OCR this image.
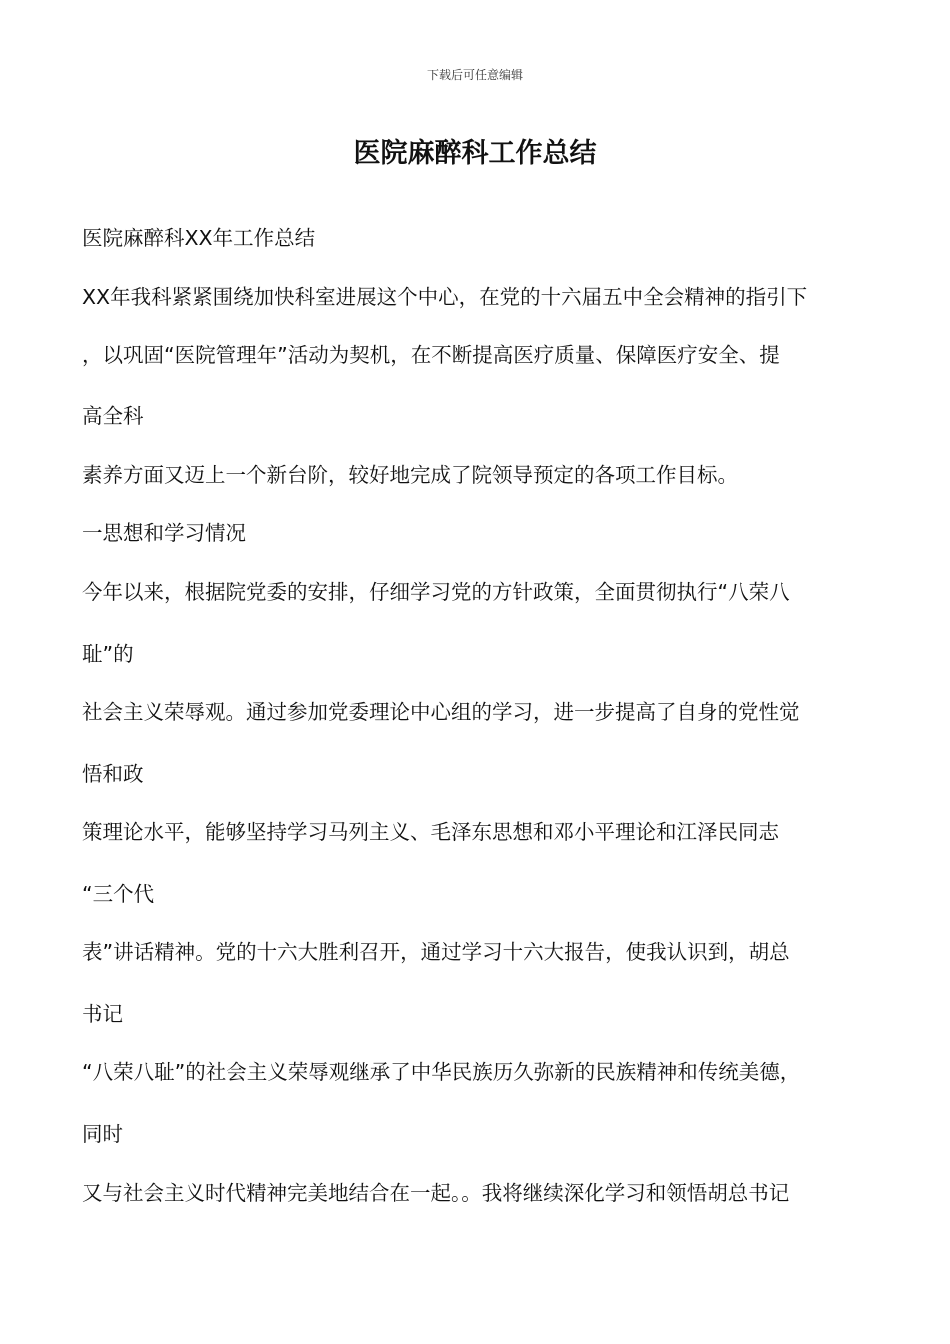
下载后可任意编辑
医院麻醉科工作总结
医院麻醉科XX年工作总结
XX年我科紧紧围绕加快科室进展这个中心，在党的十六届五中全会精神的指引下
，以巩固“医院管理年”活动为契机，在不断提高医疗质量、保障医疗安全、提
高全科
素养方面又迈上一个新台阶，较好地完成了院领导预定的各项工作目标。
一思想和学习情况
今年以来，根据院党委的安排，仔细学习党的方针政策，全面贯彻执行“八荣八
耻”的
社会主义荣辱观。通过参加党委理论中心组的学习，进一步提高了自身的党性觉
悟和政
策理论水平，能够坚持学习马列主义、毛泽东思想和邓小平理论和江泽民同志
“三个代
表”讲话精神。党的十六大胜利召开，通过学习十六大报告，使我认识到，胡总
书记
“八荣八耻”的社会主义荣辱观继承了中华民族历久弥新的民族精神和传统美德，
同时
又与社会主义时代精神完美地结合在一起。。我将继续深化学习和领悟胡总书记
